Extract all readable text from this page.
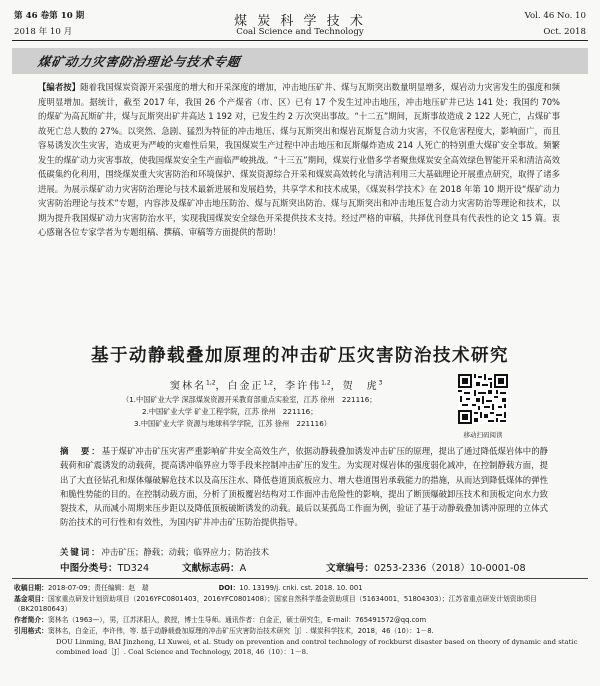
第 46 卷第 10 期
2018 年 10 月
煤 炭 科 学 技 术
Coal Science and Technology
Vol. 46 No. 10
Oct. 2018
煤矿动力灾害防治理论与技术专题
【编者按】随着我国煤炭资源开采强度的增大和开采深度的增加，冲击地压矿井、煤与瓦斯突出数量明显增多，煤岩动力灾害发生的强度和频度明显增加。据统计，截至 2017 年，我国 26 个产煤省（市、区）已有 17 个发生过冲击地压，冲击地压矿井已达 141 处；我国约 70% 的煤矿为高瓦斯矿井，煤与瓦斯突出矿井高达 1 192 对，已发生约 2 万次突出事故。“十二五”期间，瓦斯事故造成 2 122 人死亡，占煤矿事故死亡总人数的 27%。以突然、急剧、猛烈为特征的冲击地压、煤与瓦斯突出和煤岩瓦斯复合动力灾害，不仅危害程度大，影响面广，而且容易诱发次生灾害，造成更为严峻的灾难性后果，我国煤炭生产过程中冲击地压和瓦斯爆炸造成 214 人死亡的特别重大煤矿安全事故。频繁发生的煤矿动力灾害事故，使我国煤炭安全生产面临严峻挑战。“十三五”期间，煤炭行业借多学者聚焦煤炭安全高效绿色智能开采和清洁高效低碳集约化利用，围绕煤炭重大灾害防治和环境保护、煤炭资源综合开采和煤炭高效转化与清洁利用三大基础理论开展重点研究，取得了诸多进展。为展示煤矿动力灾害防治理论与技术最新进展和发展趋势，共享学术和技术成果，《煤炭科学技术》在 2018 年第 10 期开设“煤矿动力灾害防治理论与技术”专题，内容涉及煤矿冲击地压防治、煤与瓦斯突出防治、煤与瓦斯突出和冲击地压复合动力灾害防治等理论和技术，以期为提升我国煤矿动力灾害防治水平，实现我国煤炭安全绿色开采提供技术支持。经过严格的审稿，共择优刊登具有代表性的论文 15 篇。衷心感谢各位专家学者为专题组稿、撰稿、审稿等方面提供的帮助！
基于动静载叠加原理的冲击矿压灾害防治技术研究
窦林名$^{1,2}$，白金正$^{1,2}$，李许伟$^{1,2}$，贺　虎$^3$
（1.中国矿业大学 深部煤炭资源开采教育部重点实验室，江苏 徐州　221116；
2.中国矿业大学 矿业工程学院，江苏 徐州　221116；
3.中国矿业大学 资源与地球科学学院，江苏 徐州　221116）
移动扫码阅读
摘　要：基于煤矿冲击矿压灾害严重影响矿井安全高效生产，依据动静载叠加诱发冲击矿压的原理，提出了通过降低煤岩体中的静载荷和矿震诱发的动载荷，提高诱冲临界应力等手段来控制冲击矿压的发生。为实现对煤岩体的强度弱化减冲，在控制静载方面，提出了大直径钻孔和煤体爆破解危技术以及高压注水、降低巷道顶底板应力、增大巷道围岩承载能力的措施，从而达到降低煤体的弹性和脆性势能的目的。在控制动载方面，分析了顶板覆岩结构对工作面冲击危险性的影响，提出了断顶爆破卸压技术和顶板定向水力致裂技术，从而减小周期来压步距以及降低顶板破断诱发的动载。最后以某孤岛工作面为例，验证了基于动静载叠加诱冲原理的立体式防治技术的可行性和有效性，为国内矿井冲击矿压防治提供指导。
关键词：冲击矿压；静载；动载；临界应力；防治技术
中图分类号：TD324	文献标志码：A	文章编号：0253-2336（2018）10-0001-08
收稿日期：2018-07-09；责任编辑：赵　瑞	DOI：10. 13199/j. cnki. cst. 2018. 10. 001
基金项目：国家重点研发计划资助项目（2016YFC0801403，2016YFC0801408）；国家自然科学基金资助项目（51634001，51804303）；江苏省重点研发计划资助项目（BK20180643）
作者简介：窦林名（1963—），男，江苏沭阳人，教授，博士生导师。通讯作者：白金正，硕士研究生，E-mail：765491572@qq.com
引用格式：窦林名，白金正，李许伟，等. 基于动静载叠加原理的冲击矿压灾害防治技术研究［J］. 煤炭科学技术，2018，46（10）：1－8.
DOU Linming, BAI Jinzheng, LI Xuwei, et al. Study on prevention and control technology of rockburst disaster based on theory of dynamic and static combined load［J］. Coal Science and Technology, 2018, 46（10）：1－8.
